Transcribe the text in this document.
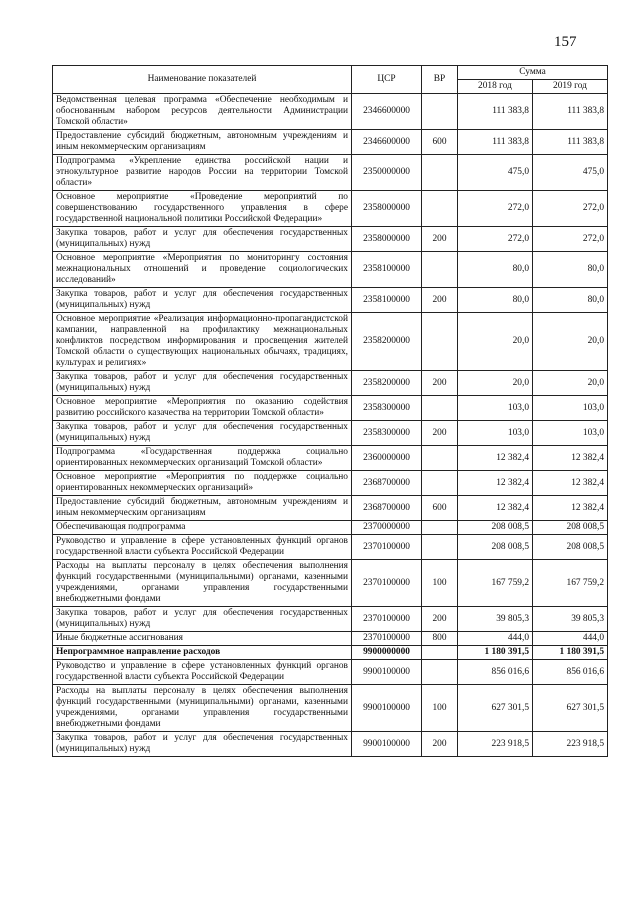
157
Наименование показателей	ЦСР	ВР	Сумма	
			2018 год	2019 год
Ведомственная целевая программа «Обеспечение необходимым и обоснованным набором ресурсов деятельности Администрации Томской области»	2346600000		111 383,8	111 383,8
Предоставление субсидий бюджетным, автономным учреждениям и иным некоммерческим организациям	2346600000	600	111 383,8	111 383,8
Подпрограмма «Укрепление единства российской нации и этнокультурное развитие народов России на территории Томской области»	2350000000		475,0	475,0
Основное мероприятие «Проведение мероприятий по совершенствованию государственного управления в сфере государственной национальной политики Российской Федерации»	2358000000		272,0	272,0
Закупка товаров, работ и услуг для обеспечения государственных (муниципальных) нужд	2358000000	200	272,0	272,0
Основное мероприятие «Мероприятия по мониторингу состояния межнациональных отношений и проведение социологических исследований»	2358100000		80,0	80,0
Закупка товаров, работ и услуг для обеспечения государственных (муниципальных) нужд	2358100000	200	80,0	80,0
Основное мероприятие «Реализация информационно-пропагандистской кампании, направленной на профилактику межнациональных конфликтов посредством информирования и просвещения жителей Томской области о существующих национальных обычаях, традициях, культурах и религиях»	2358200000		20,0	20,0
Закупка товаров, работ и услуг для обеспечения государственных (муниципальных) нужд	2358200000	200	20,0	20,0
Основное мероприятие «Мероприятия по оказанию содействия развитию российского казачества на территории Томской области»	2358300000		103,0	103,0
Закупка товаров, работ и услуг для обеспечения государственных (муниципальных) нужд	2358300000	200	103,0	103,0
Подпрограмма «Государственная поддержка социально ориентированных некоммерческих организаций Томской области»	2360000000		12 382,4	12 382,4
Основное мероприятие «Мероприятия по поддержке социально ориентированных некоммерческих организаций»	2368700000		12 382,4	12 382,4
Предоставление субсидий бюджетным, автономным учреждениям и иным некоммерческим организациям	2368700000	600	12 382,4	12 382,4
Обеспечивающая подпрограмма	2370000000		208 008,5	208 008,5
Руководство и управление в сфере установленных функций органов государственной власти субъекта Российской Федерации	2370100000		208 008,5	208 008,5
Расходы на выплаты персоналу в целях обеспечения выполнения функций государственными (муниципальными) органами, казенными учреждениями, органами управления государственными внебюджетными фондами	2370100000	100	167 759,2	167 759,2
Закупка товаров, работ и услуг для обеспечения государственных (муниципальных) нужд	2370100000	200	39 805,3	39 805,3
Иные бюджетные ассигнования	2370100000	800	444,0	444,0
Непрограммное направление расходов	9900000000		1 180 391,5	1 180 391,5
Руководство и управление в сфере установленных функций органов государственной власти субъекта Российской Федерации	9900100000		856 016,6	856 016,6
Расходы на выплаты персоналу в целях обеспечения выполнения функций государственными (муниципальными) органами, казенными учреждениями, органами управления государственными внебюджетными фондами	9900100000	100	627 301,5	627 301,5
Закупка товаров, работ и услуг для обеспечения государственных (муниципальных) нужд	9900100000	200	223 918,5	223 918,5
